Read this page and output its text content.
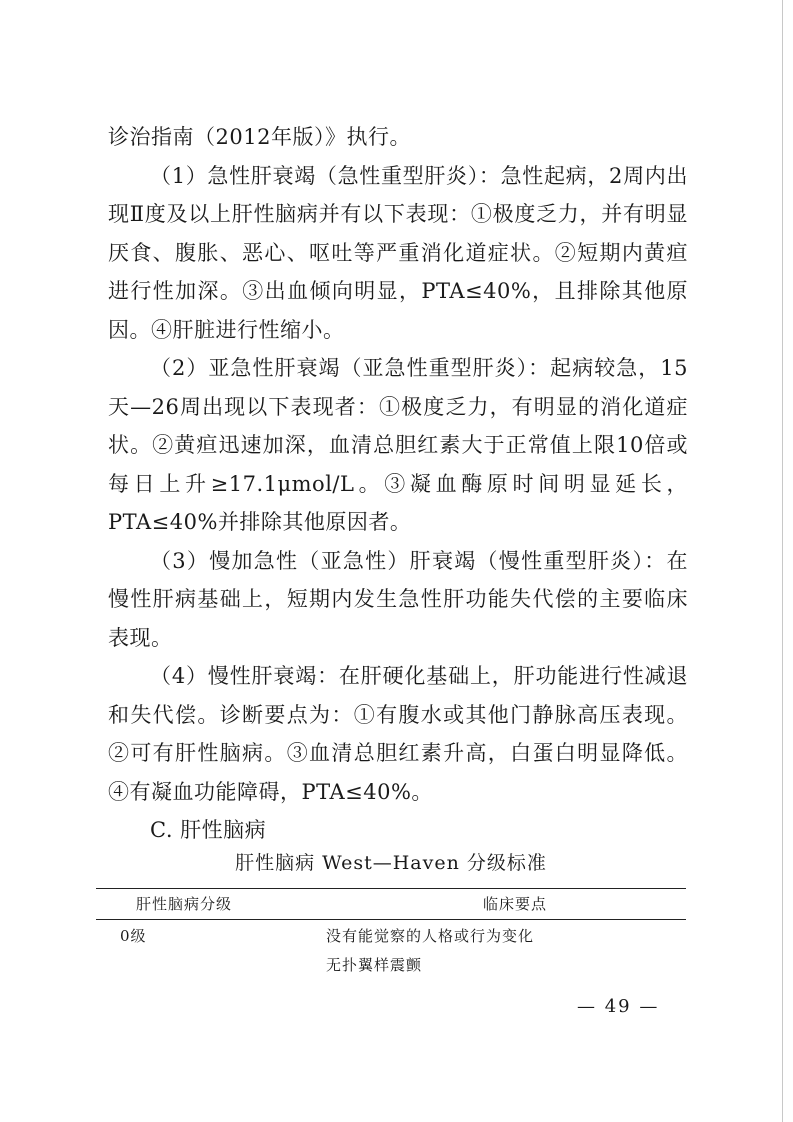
诊治指南（2012年版）》执行。

（1）急性肝衰竭（急性重型肝炎）：急性起病，2周内出现Ⅱ度及以上肝性脑病并有以下表现：①极度乏力，并有明显厌食、腹胀、恶心、呕吐等严重消化道症状。②短期内黄疸进行性加深。③出血倾向明显，PTA≤40%，且排除其他原因。④肝脏进行性缩小。

（2）亚急性肝衰竭（亚急性重型肝炎）：起病较急，15天—26周出现以下表现者：①极度乏力，有明显的消化道症状。②黄疸迅速加深，血清总胆红素大于正常值上限10倍或每日上升≥17.1μmol/L。③凝血酶原时间明显延长，PTA≤40%并排除其他原因者。

（3）慢加急性（亚急性）肝衰竭（慢性重型肝炎）：在慢性肝病基础上，短期内发生急性肝功能失代偿的主要临床表现。

（4）慢性肝衰竭：在肝硬化基础上，肝功能进行性减退和失代偿。诊断要点为：①有腹水或其他门静脉高压表现。②可有肝性脑病。③血清总胆红素升高，白蛋白明显降低。④有凝血功能障碍，PTA≤40%。

C. 肝性脑病

肝性脑病 West—Haven 分级标准
肝性脑病分级	临床要点
0级	没有能觉察的人格或行为变化
无扑翼样震颤
— 49 —
